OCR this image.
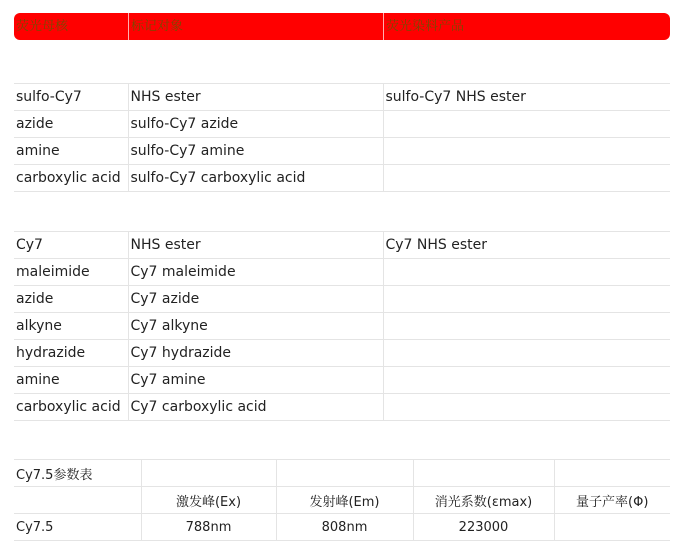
荧光母核	标记对象	荧光染料产品
sulfo-Cy7	NHS ester	sulfo-Cy7 NHS ester
azide	sulfo-Cy7 azide	
amine	sulfo-Cy7 amine	
carboxylic acid	sulfo-Cy7 carboxylic acid	
Cy7	NHS ester	Cy7 NHS ester
maleimide	Cy7 maleimide	
azide	Cy7 azide	
alkyne	Cy7 alkyne	
hydrazide	Cy7 hydrazide	
amine	Cy7 amine	
carboxylic acid	Cy7 carboxylic acid	
Cy7.5参数表				
	激发峰(Ex)	发射峰(Em)	消光系数(εmax)	量子产率(Φ)
Cy7.5	788nm	808nm	223000	
